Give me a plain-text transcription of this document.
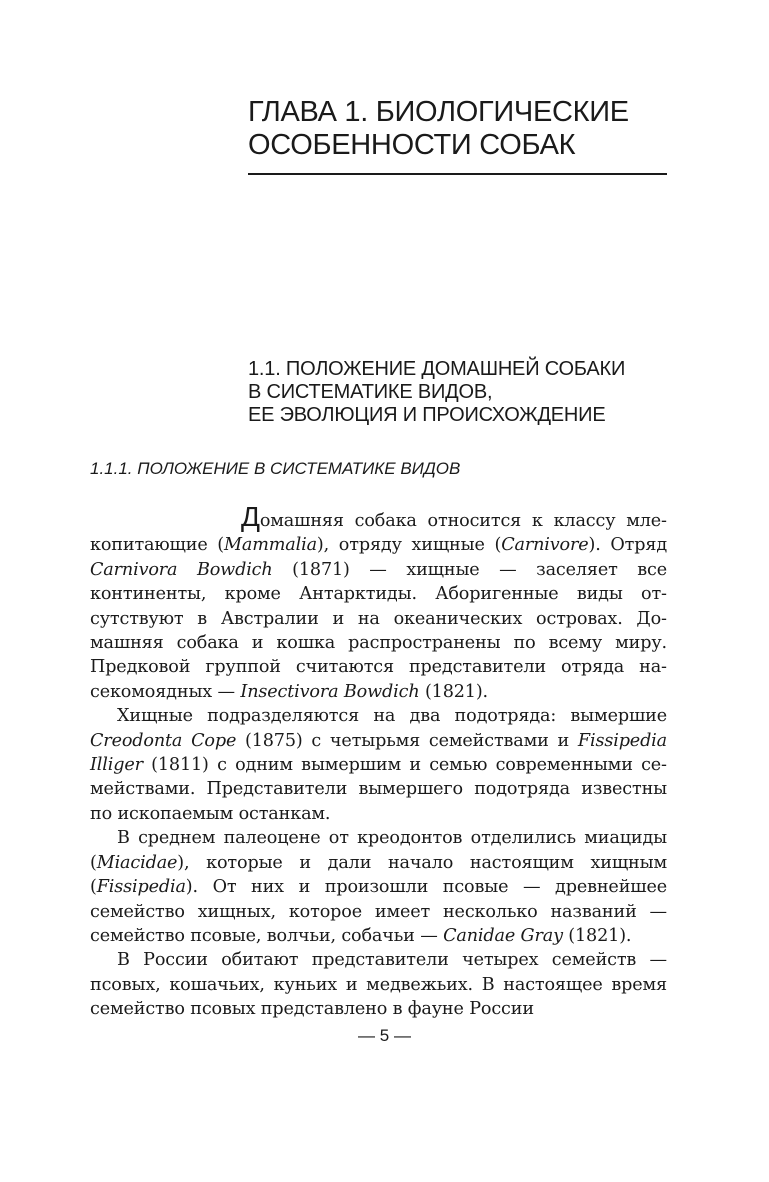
ГЛАВА 1. БИОЛОГИЧЕСКИЕ
ОСОБЕННОСТИ СОБАК
1.1. ПОЛОЖЕНИЕ ДОМАШНЕЙ СОБАКИ
В СИСТЕМАТИКЕ ВИДОВ,
ЕЕ ЭВОЛЮЦИЯ И ПРОИСХОЖДЕНИЕ
1.1.1. ПОЛОЖЕНИЕ В СИСТЕМАТИКЕ ВИДОВ

Домашняя собака относится к классу млекопитающие (Mammalia), отряду хищные (Carnivore). Отряд Carnivora Bowdich (1871) — хищные — заселяет все континенты, кроме Антарктиды. Аборигенные виды отсутствуют в Австралии и на океанических островах. Домашняя собака и кошка распространены по всему миру. Предковой группой считаются представители отряда насекомоядных — Insectivora Bowdich (1821).

Хищные подразделяются на два подотряда: вымершие Creodonta Cope (1875) с четырьмя семействами и Fissipedia Illiger (1811) с одним вымершим и семью современными семействами. Представители вымершего подотряда известны по ископаемым останкам.

В среднем палеоцене от креодонтов отделились миациды (Miacidae), которые и дали начало настоящим хищным (Fissipedia). От них и произошли псовые — древнейшее семейство хищных, которое имеет несколько названий — семейство псовые, волчьи, собачьи — Canidae Gray (1821).

В России обитают представители четырех семейств — псовых, кошачьих, куньих и медвежьих. В настоящее время семейство псовых представлено в фауне России

— 5 —
